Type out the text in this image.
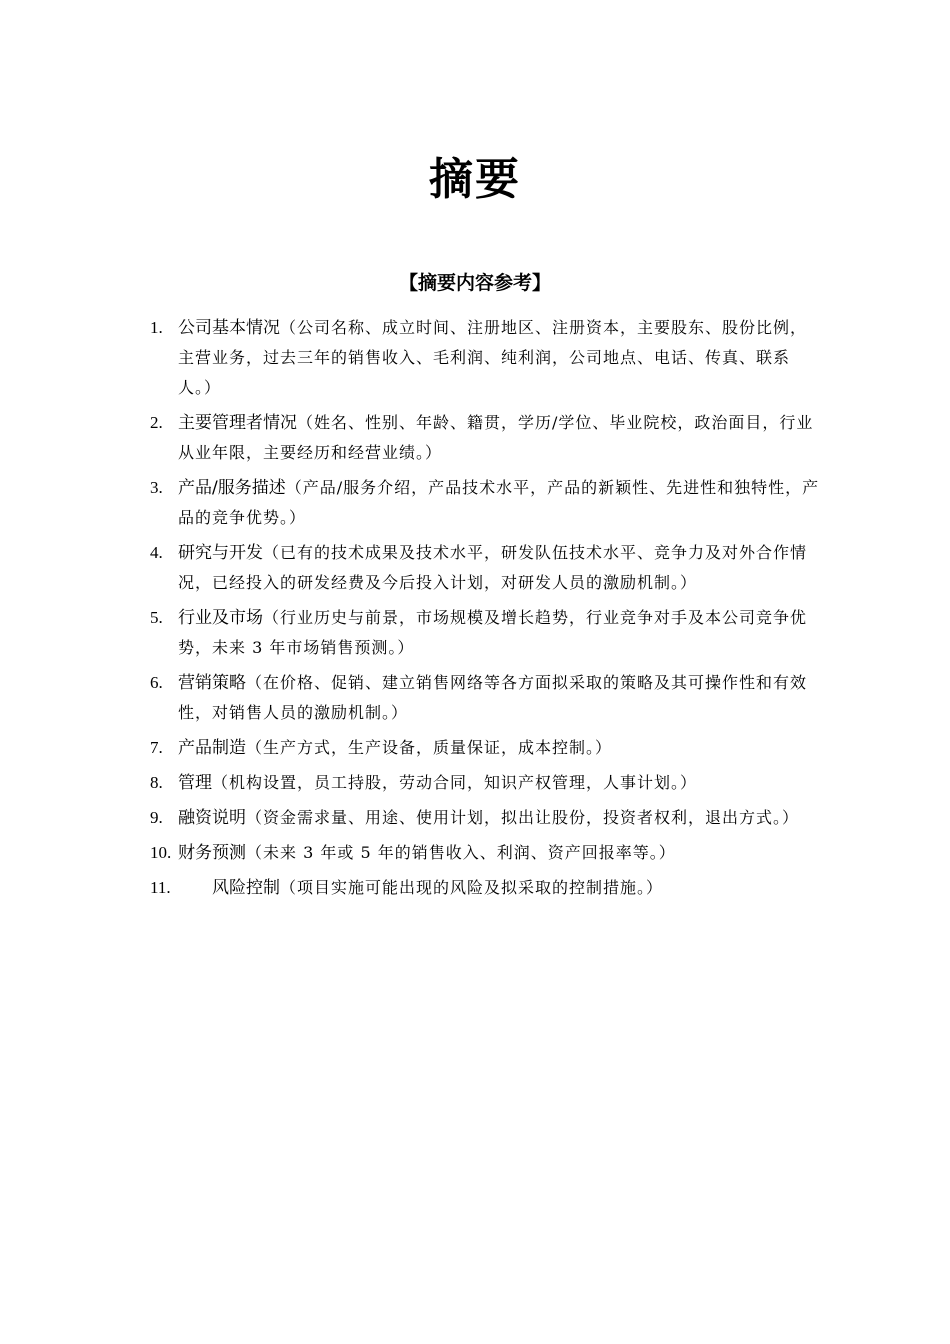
摘要
【摘要内容参考】
1. 公司基本情况（公司名称、成立时间、注册地区、注册资本，主要股东、股份比例，主营业务，过去三年的销售收入、毛利润、纯利润，公司地点、电话、传真、联系人。）
2. 主要管理者情况（姓名、性别、年龄、籍贯，学历/学位、毕业院校，政治面目，行业从业年限，主要经历和经营业绩。）
3. 产品/服务描述（产品/服务介绍，产品技术水平，产品的新颖性、先进性和独特性，产品的竞争优势。）
4. 研究与开发（已有的技术成果及技术水平，研发队伍技术水平、竞争力及对外合作情况，已经投入的研发经费及今后投入计划，对研发人员的激励机制。）
5. 行业及市场（行业历史与前景，市场规模及增长趋势，行业竞争对手及本公司竞争优势，未来 3 年市场销售预测。）
6. 营销策略（在价格、促销、建立销售网络等各方面拟采取的策略及其可操作性和有效性，对销售人员的激励机制。）
7. 产品制造（生产方式，生产设备，质量保证，成本控制。）
8. 管理（机构设置，员工持股，劳动合同，知识产权管理，人事计划。）
9. 融资说明（资金需求量、用途、使用计划，拟出让股份，投资者权利，退出方式。）
10. 财务预测（未来 3 年或 5 年的销售收入、利润、资产回报率等。）
11.	风险控制（项目实施可能出现的风险及拟采取的控制措施。）
